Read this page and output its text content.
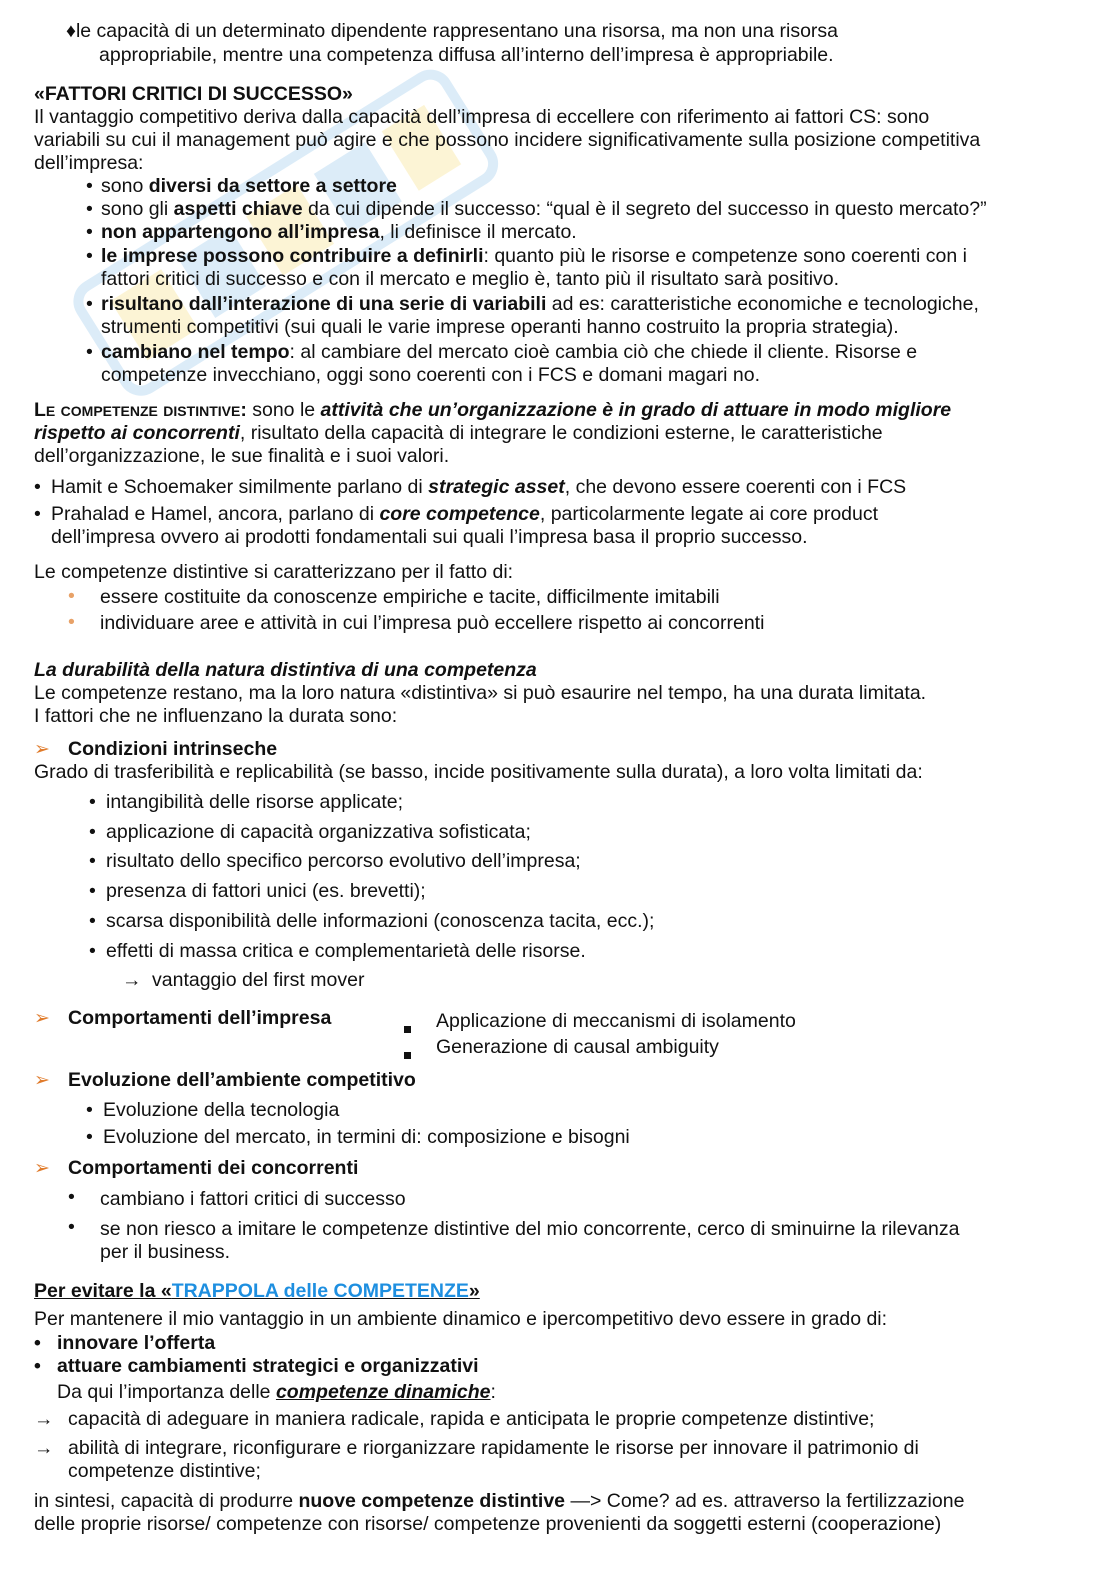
♦le capacità di un determinato dipendente rappresentano una risorsa, ma non una risorsa
appropriabile, mentre una competenza diffusa all’interno dell’impresa è appropriabile.
«FATTORI CRITICI DI SUCCESSO»
Il vantaggio competitivo deriva dalla capacità dell’impresa di eccellere con riferimento ai fattori CS: sono
variabili su cui il management può agire e che possono incidere significativamente sulla posizione competitiva
dell’impresa:
• sono diversi da settore a settore
• sono gli aspetti chiave da cui dipende il successo: “qual è il segreto del successo in questo mercato?”
• non appartengono all’impresa, li definisce il mercato.
• le imprese possono contribuire a definirli: quanto più le risorse e competenze sono coerenti con i
fattori critici di successo e con il mercato e meglio è, tanto più il risultato sarà positivo.
• risultano dall’interazione di una serie di variabili ad es: caratteristiche economiche e tecnologiche,
strumenti competitivi (sui quali le varie imprese operanti hanno costruito la propria strategia).
• cambiano nel tempo: al cambiare del mercato cioè cambia ciò che chiede il cliente. Risorse e
competenze invecchiano, oggi sono coerenti con i FCS e domani magari no.
Le competenze distintive: sono le attività che un’organizzazione è in grado di attuare in modo migliore
rispetto ai concorrenti, risultato della capacità di integrare le condizioni esterne, le caratteristiche
dell’organizzazione, le sue finalità e i suoi valori.
• Hamit e Schoemaker similmente parlano di strategic asset, che devono essere coerenti con i FCS
• Prahalad e Hamel, ancora, parlano di core competence, particolarmente legate ai core product
dell’impresa ovvero ai prodotti fondamentali sui quali l’impresa basa il proprio successo.
Le competenze distintive si caratterizzano per il fatto di:
• essere costituite da conoscenze empiriche e tacite, difficilmente imitabili
• individuare aree e attività in cui l’impresa può eccellere rispetto ai concorrenti
La durabilità della natura distintiva di una competenza
Le competenze restano, ma la loro natura «distintiva» si può esaurire nel tempo, ha una durata limitata.
I fattori che ne influenzano la durata sono:
➢ Condizioni intrinseche
Grado di trasferibilità e replicabilità (se basso, incide positivamente sulla durata), a loro volta limitati da:
• intangibilità delle risorse applicate;
• applicazione di capacità organizzativa sofisticata;
• risultato dello specifico percorso evolutivo dell’impresa;
• presenza di fattori unici (es. brevetti);
• scarsa disponibilità delle informazioni (conoscenza tacita, ecc.);
• effetti di massa critica e complementarietà delle risorse.
→ vantaggio del first mover
➢ Comportamenti dell’impresa	Applicazione di meccanismi di isolamento
Generazione di causal ambiguity
➢ Evoluzione dell’ambiente competitivo
• Evoluzione della tecnologia
• Evoluzione del mercato, in termini di: composizione e bisogni
➢ Comportamenti dei concorrenti
• cambiano i fattori critici di successo
• se non riesco a imitare le competenze distintive del mio concorrente, cerco di sminuirne la rilevanza
per il business.
Per evitare la «TRAPPOLA delle COMPETENZE»
Per mantenere il mio vantaggio in un ambiente dinamico e ipercompetitivo devo essere in grado di:
• innovare l’offerta
• attuare cambiamenti strategici e organizzativi
Da qui l’importanza delle competenze dinamiche:
→ capacità di adeguare in maniera radicale, rapida e anticipata le proprie competenze distintive;
→ abilità di integrare, riconfigurare e riorganizzare rapidamente le risorse per innovare il patrimonio di
competenze distintive;
in sintesi, capacità di produrre nuove competenze distintive —> Come? ad es. attraverso la fertilizzazione
delle proprie risorse/ competenze con risorse/ competenze provenienti da soggetti esterni (cooperazione)
